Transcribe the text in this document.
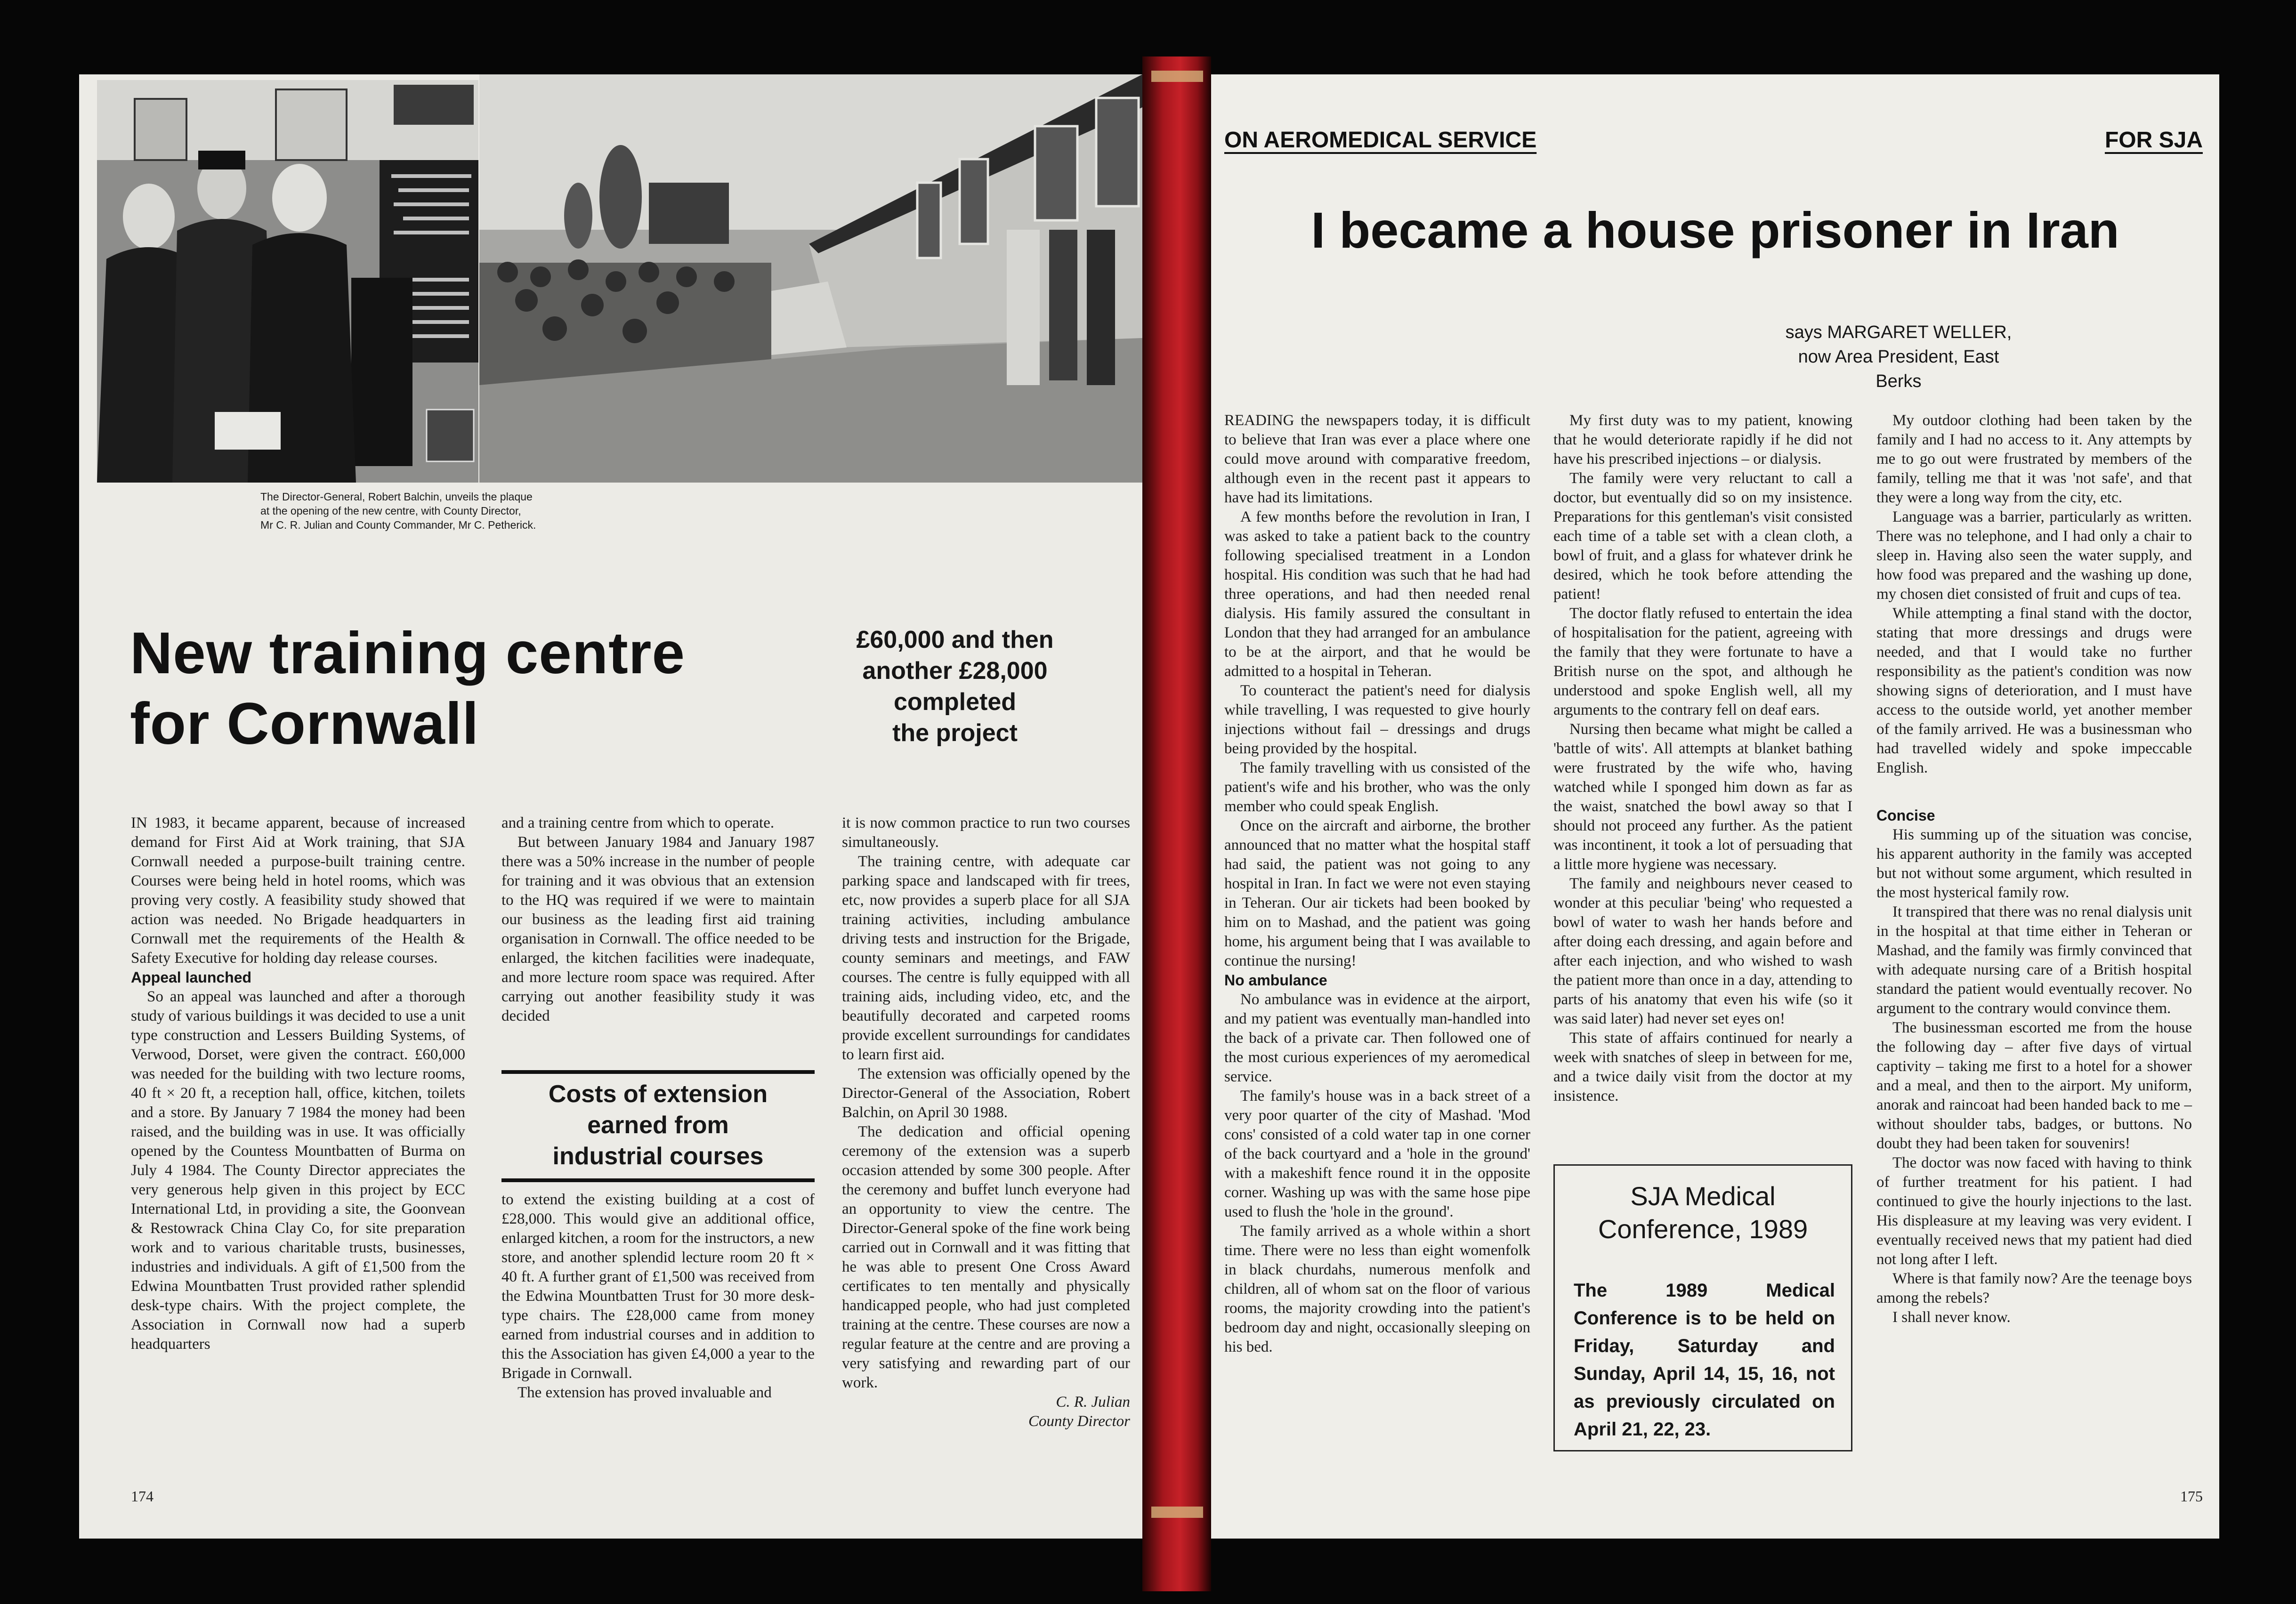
The Director-General, Robert Balchin, unveils the plaque
at the opening of the new centre, with County Director,
Mr C. R. Julian and County Commander, Mr C. Petherick.
New training centre
for Cornwall
£60,000 and then
another £28,000
completed
the project

IN 1983, it became apparent, because of increased demand for First Aid at Work training, that SJA Cornwall needed a purpose-built training centre. Courses were being held in hotel rooms, which was proving very costly. A feasibility study showed that action was needed. No Brigade headquarters in Cornwall met the requirements of the Health & Safety Executive for holding day release courses.

Appeal launched

So an appeal was launched and after a thorough study of various buildings it was decided to use a unit type construction and Lessers Building Systems, of Verwood, Dorset, were given the contract. £60,000 was needed for the building with two lecture rooms, 40 ft × 20 ft, a reception hall, office, kitchen, toilets and a store. By January 7 1984 the money had been raised, and the building was in use. It was officially opened by the Countess Mountbatten of Burma on July 4 1984. The County Director appreciates the very generous help given in this project by ECC International Ltd, in providing a site, the Goonvean & Restowrack China Clay Co, for site preparation work and to various charitable trusts, businesses, industries and individuals. A gift of £1,500 from the Edwina Mountbatten Trust provided rather splendid desk-type chairs. With the project complete, the Association in Cornwall now had a superb headquarters

and a training centre from which to operate.

But between January 1984 and January 1987 there was a 50% increase in the number of people for training and it was obvious that an extension to the HQ was required if we were to maintain our business as the leading first aid training organisation in Cornwall. The office needed to be enlarged, the kitchen facilities were inadequate, and more lecture room space was required. After carrying out another feasibility study it was decided

Costs of extension
earned from
industrial courses

to extend the existing building at a cost of £28,000. This would give an additional office, enlarged kitchen, a room for the instructors, a new store, and another splendid lecture room 20 ft × 40 ft. A further grant of £1,500 was received from the Edwina Mountbatten Trust for 30 more desk-type chairs. The £28,000 came from money earned from industrial courses and in addition to this the Association has given £4,000 a year to the Brigade in Cornwall.

The extension has proved invaluable and

it is now common practice to run two courses simultaneously.

The training centre, with adequate car parking space and landscaped with fir trees, etc, now provides a superb place for all SJA training activities, including ambulance driving tests and instruction for the Brigade, county seminars and meetings, and FAW courses. The centre is fully equipped with all training aids, including video, etc, and the beautifully decorated and carpeted rooms provide excellent surroundings for candidates to learn first aid.

The extension was officially opened by the Director-General of the Association, Robert Balchin, on April 30 1988.

The dedication and official opening ceremony of the extension was a superb occasion attended by some 300 people. After the ceremony and buffet lunch everyone had an opportunity to view the centre. The Director-General spoke of the fine work being carried out in Cornwall and it was fitting that he was able to present One Cross Award certificates to ten mentally and physically handicapped people, who had just completed training at the centre. These courses are now a regular feature at the centre and are proving a very satisfying and rewarding part of our work.

C. R. Julian
County Director
174
ON AEROMEDICAL SERVICE	FOR SJA
I became a house prisoner in Iran
says MARGARET WELLER,
now Area President, East Berks

READING the newspapers today, it is difficult to believe that Iran was ever a place where one could move around with comparative freedom, although even in the recent past it appears to have had its limitations.

A few months before the revolution in Iran, I was asked to take a patient back to the country following specialised treatment in a London hospital. His condition was such that he had had three operations, and had then needed renal dialysis. His family assured the consultant in London that they had arranged for an ambulance to be at the airport, and that he would be admitted to a hospital in Teheran.

To counteract the patient's need for dialysis while travelling, I was requested to give hourly injections without fail – dressings and drugs being provided by the hospital.

The family travelling with us consisted of the patient's wife and his brother, who was the only member who could speak English.

Once on the aircraft and airborne, the brother announced that no matter what the hospital staff had said, the patient was not going to any hospital in Iran. In fact we were not even staying in Teheran. Our air tickets had been booked by him on to Mashad, and the patient was going home, his argument being that I was available to continue the nursing!

No ambulance

No ambulance was in evidence at the airport, and my patient was eventually man-handled into the back of a private car. Then followed one of the most curious experiences of my aeromedical service.

The family's house was in a back street of a very poor quarter of the city of Mashad. 'Mod cons' consisted of a cold water tap in one corner of the back courtyard and a 'hole in the ground' with a makeshift fence round it in the opposite corner. Washing up was with the same hose pipe used to flush the 'hole in the ground'.

The family arrived as a whole within a short time. There were no less than eight womenfolk in black churdahs, numerous menfolk and children, all of whom sat on the floor of various rooms, the majority crowding into the patient's bedroom day and night, occasionally sleeping on his bed.

My first duty was to my patient, knowing that he would deteriorate rapidly if he did not have his prescribed injections – or dialysis.

The family were very reluctant to call a doctor, but eventually did so on my insistence. Preparations for this gentleman's visit consisted each time of a table set with a clean cloth, a bowl of fruit, and a glass for whatever drink he desired, which he took before attending the patient!

The doctor flatly refused to entertain the idea of hospitalisation for the patient, agreeing with the family that they were fortunate to have a British nurse on the spot, and although he understood and spoke English well, all my arguments to the contrary fell on deaf ears.

Nursing then became what might be called a 'battle of wits'. All attempts at blanket bathing were frustrated by the wife who, having watched while I sponged him down as far as the waist, snatched the bowl away so that I should not proceed any further. As the patient was incontinent, it took a lot of persuading that a little more hygiene was necessary.

The family and neighbours never ceased to wonder at this peculiar 'being' who requested a bowl of water to wash her hands before and after doing each dressing, and again before and after each injection, and who wished to wash the patient more than once in a day, attending to parts of his anatomy that even his wife (so it was said later) had never set eyes on!

This state of affairs continued for nearly a week with snatches of sleep in between for me, and a twice daily visit from the doctor at my insistence.

SJA Medical
Conference, 1989
The 1989 Medical Conference is to be held on Friday, Saturday and Sunday, April 14, 15, 16, not as previously circulated on April 21, 22, 23.

My outdoor clothing had been taken by the family and I had no access to it. Any attempts by me to go out were frustrated by members of the family, telling me that it was 'not safe', and that they were a long way from the city, etc.

Language was a barrier, particularly as written. There was no telephone, and I had only a chair to sleep in. Having also seen the water supply, and how food was prepared and the washing up done, my chosen diet consisted of fruit and cups of tea.

While attempting a final stand with the doctor, stating that more dressings and drugs were needed, and that I would take no further responsibility as the patient's condition was now showing signs of deterioration, and I must have access to the outside world, yet another member of the family arrived. He was a businessman who had travelled widely and spoke impeccable English.

Concise

His summing up of the situation was concise, his apparent authority in the family was accepted but not without some argument, which resulted in the most hysterical family row.

It transpired that there was no renal dialysis unit in the hospital at that time either in Teheran or Mashad, and the family was firmly convinced that with adequate nursing care of a British hospital standard the patient would eventually recover. No argument to the contrary would convince them.

The businessman escorted me from the house the following day – after five days of virtual captivity – taking me first to a hotel for a shower and a meal, and then to the airport. My uniform, anorak and raincoat had been handed back to me – without shoulder tabs, badges, or buttons. No doubt they had been taken for souvenirs!

The doctor was now faced with having to think of further treatment for his patient. I had continued to give the hourly injections to the last. His displeasure at my leaving was very evident. I eventually received news that my patient had died not long after I left.

Where is that family now? Are the teenage boys among the rebels?

I shall never know.

175
